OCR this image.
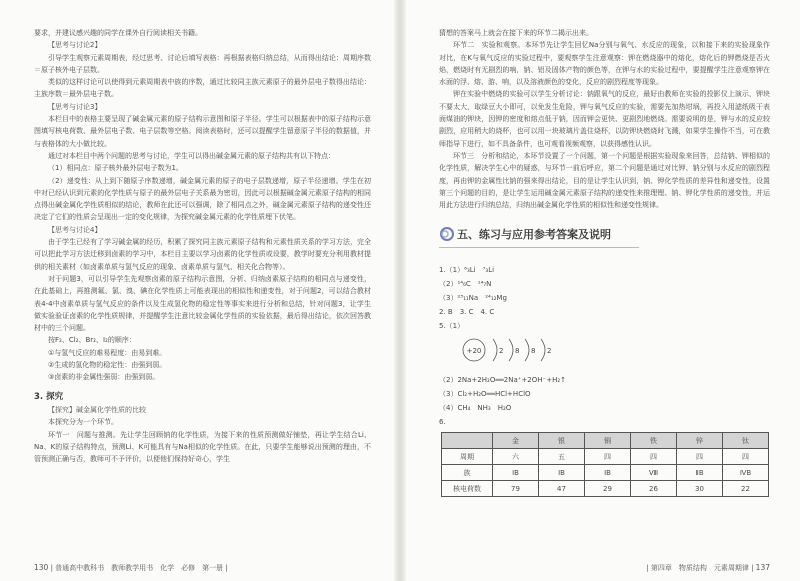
要求，并建议感兴趣的同学在课外自行阅读相关书籍。

【思考与讨论2】

引导学生观察元素周期表，经过思考、讨论后填写表格：再根据表格归纳总结，从而得出结论：周期序数＝原子核外电子层数。

类似的这样讨论可以使得到元素周期表中族的序数，通过比较同主族元素原子的最外层电子数得出结论：主族序数＝最外层电子数。

【思考与讨论3】

本栏目中的表格主要呈现了碱金属元素的原子结构示意图和原子半径。学生可以根据表中的原子结构示意图填写核电荷数、最外层电子数、电子层数等空格。阅读表格时，还可以提醒学生留意原子半径的数据值，并与表格体的大小做比较。

通过对本栏目中两个问题的思考与讨论，学生可以得出碱金属元素的原子结构共有以下特点：

（1）相同点：原子核外最外层电子数为1。

（2）递变性：从上到下随原子序数递增，碱金属元素的原子的电子层数递增，原子半径递增。学生在初中对已经认识到元素的化学性质与原子的最外层电子关系最为密切，因此可以根据碱金属元素原子结构的相同点得出碱金属化学性质相似的结论，教师在此还可以强调，除了相同点之外，碱金属元素原子结构的递变性还决定了它们的性质会呈现出一定的变化规律，为探究碱金属元素的化学性质埋下伏笔。

【思考与讨论4】

由于学生已经有了学习碱金属的经历，积累了探究同主族元素原子结构和元素性质关系的学习方法，完全可以把此学习方法迁移到卤素的学习中，本栏目主要以学习卤素的化学性质或设要，教学时要充分利用教材提供的相关素材（如卤素单质与氢气反应的现象、卤素单质与氢气、相关化合物等）。

对于问题3，可以引导学生先观察卤素的原子结构示意图，分析、归纳卤素原子结构的相同点与递变性，在此基础上，再推测氟、氯、溴、碘在化学性质上可能表现出的相似性和递变性，对于问题2，可以结合教材表4-4中卤素单质与氢气反应的条件以及生成氢化物的稳定性等事实来进行分析和总结，针对问题3，让学生做实验验证卤素的化学性质规律，并提醒学生注意比较金属化学性质的实验依据，最后得出结论，依次回答教材中的三个问题。

按F₂、Cl₂、Br₂、I₂的顺序：

①与氢气反应的难易程度：由易到难。

②生成的氢化物的稳定性：由强到弱。

③卤素的非金属性强弱：由强到弱。

3. 探究

【探究】碱金属化学性质的比较

本探究分为一个环节。

环节一　问题与推测。先让学生回顾钠的化学性质，为接下来的性质预测做好铺垫，再让学生结合Li、Na、K的原子结构特点，预测Li、K可能具有与Na相似的化学性质。在此，只要学生能够说出预测的理由，不管预测正确与否，教师可不予评价，以便他们保持好奇心，学生

130 | 普通高中教科书　教师教学用书　化学　必修　第一册 |

猜想的答案马上就会在接下来的环节二揭示出来。

环节二　实验和观察。本环节先让学生回忆Na分别与氧气、水反应的现象，以和接下来的实验现象作对比，在K与氧气反应的实验过程中，要观察学生注意观察：钾在燃烧器中的熔化，熔化后的钾燃烧是否火焰，燃烧时有无剧烈的响，钠、铝及固体产物的颜色等，在钾与水的实验过程中，要提醒学生注意观察钾在水面的浮、熔、游、响，以及溶液颜色的变化，反应的剧烈程度等现象。

钾在实验中燃烧的实验可以学生分析讨论：钠跟氧气的反应，最好由教师在实验的投影仪上演示，钾块不要太大，取绿豆大小即可，以免发生危险，钾与氧气反应的实验，需要先加热坩埚，再投入用滤纸吸干表面煤油的钾块，因钾的密度和熔点低于钠，因而钾会更快、更剧烈地燃烧。需要说明的是，钾与水的反应较剧烈，应用稍大的烧杯，也可以用一块玻璃片盖住烧杯，以防钾块燃烧时飞溅，如果学生操作不当，可在教师指导下进行，如不具备条件，也可观看视频观察，以获得感性认识。

环节三　分析和结论，本环节设置了一个问题，第一个问题是根据实验现象来回答，总结钠、钾相似的化学性质，解决学生心中的疑惑，与环节一前后呼应，第二个问题是通过对比钾、钠分别与水反应的剧烈程度，再由钾的金属性比钠的强来得出结论，目的是让学生认识到，钠、钾化学性质的差异性和递变性，设置第三个问题的目的，是让学生运用碱金属元素原子结构的递变性来推理锂、钠、钾化学性质的递变性，并运用此方法进行归纳总结，归纳出碱金属化学性质的相似性和递变性规律。

五、练习与应用参考答案及说明

1.（1）⁶₃Li　⁷₃Li

（2）¹⁴₆C　¹⁴₇N

（3）²³₁₁Na　²⁴₁₂Mg

2. B　3. C　4. C

5.（1）

+20	2 8 8 2

（2）2Na+2H₂O══2Na⁺+2OH⁻+H₂↑

（3）Cl₂+H₂O══HCl+HClO

（4）CH₄　NH₃　H₂O

6.

	金	银	铜	铁	锌	钛
周期	六	五	四	四	四	四
族	ⅠB	ⅠB	ⅠB	Ⅷ	ⅡB	ⅣB
核电荷数	79	47	29	26	30	22
| 第四章　物质结构　元素周期律 | 137
